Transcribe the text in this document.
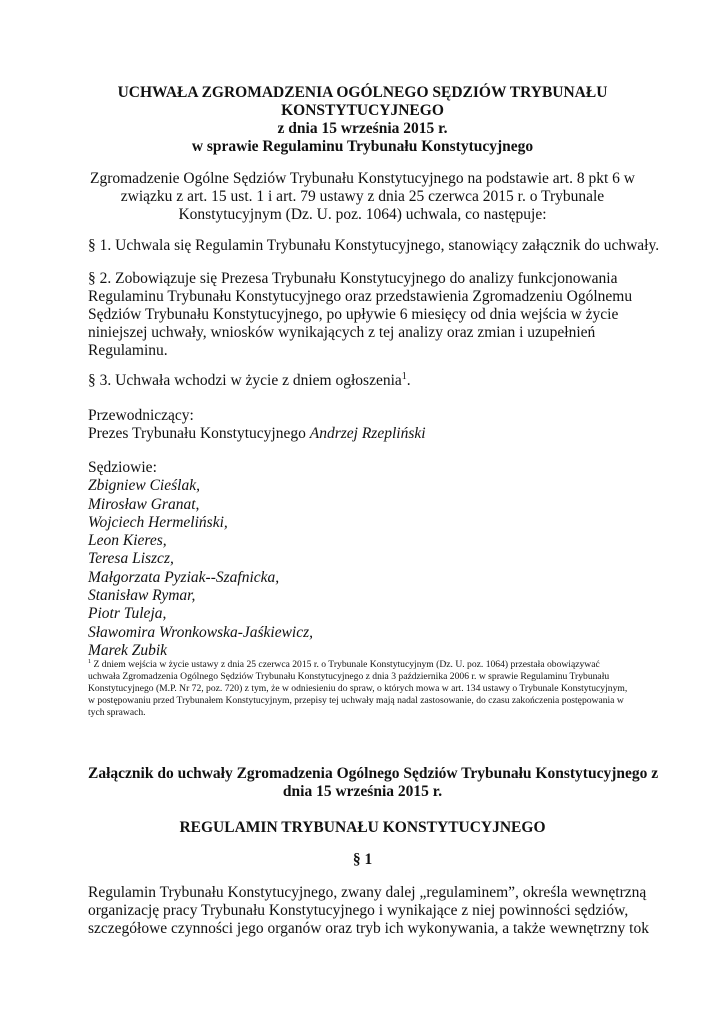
UCHWAŁA ZGROMADZENIA OGÓLNEGO SĘDZIÓW TRYBUNAŁU
KONSTYTUCYJNEGO
z dnia 15 września 2015 r.
w sprawie Regulaminu Trybunału Konstytucyjnego
Zgromadzenie Ogólne Sędziów Trybunału Konstytucyjnego na podstawie art. 8 pkt 6 w
związku z art. 15 ust. 1 i art. 79 ustawy z dnia 25 czerwca 2015 r. o Trybunale
Konstytucyjnym (Dz. U. poz. 1064) uchwala, co następuje:
§ 1. Uchwala się Regulamin Trybunału Konstytucyjnego, stanowiący załącznik do uchwały.
§ 2. Zobowiązuje się Prezesa Trybunału Konstytucyjnego do analizy funkcjonowania
Regulaminu Trybunału Konstytucyjnego oraz przedstawienia Zgromadzeniu Ogólnemu
Sędziów Trybunału Konstytucyjnego, po upływie 6 miesięcy od dnia wejścia w życie
niniejszej uchwały, wniosków wynikających z tej analizy oraz zmian i uzupełnień
Regulaminu.
§ 3. Uchwała wchodzi w życie z dniem ogłoszenia$^1$.
Przewodniczący:
Prezes Trybunału Konstytucyjnego Andrzej Rzepliński
Sędziowie:
Zbigniew Cieślak,
Mirosław Granat,
Wojciech Hermeliński,
Leon Kieres,
Teresa Liszcz,
Małgorzata Pyziak--Szafnicka,
Stanisław Rymar,
Piotr Tuleja,
Sławomira Wronkowska-Jaśkiewicz,
Marek Zubik
$^1$ Z dniem wejścia w życie ustawy z dnia 25 czerwca 2015 r. o Trybunale Konstytucyjnym (Dz. U. poz. 1064) przestała obowiązywać
uchwała Zgromadzenia Ogólnego Sędziów Trybunału Konstytucyjnego z dnia 3 października 2006 r. w sprawie Regulaminu Trybunału
Konstytucyjnego (M.P. Nr 72, poz. 720) z tym, że w odniesieniu do spraw, o których mowa w art. 134 ustawy o Trybunale Konstytucyjnym,
w postępowaniu przed Trybunałem Konstytucyjnym, przepisy tej uchwały mają nadal zastosowanie, do czasu zakończenia postępowania w
tych sprawach.
Załącznik do uchwały Zgromadzenia Ogólnego Sędziów Trybunału Konstytucyjnego z
dnia 15 września 2015 r.
REGULAMIN TRYBUNAŁU KONSTYTUCYJNEGO
§ 1
Regulamin Trybunału Konstytucyjnego, zwany dalej „regulaminem”, określa wewnętrzną
organizację pracy Trybunału Konstytucyjnego i wynikające z niej powinności sędziów,
szczegółowe czynności jego organów oraz tryb ich wykonywania, a także wewnętrzny tok
